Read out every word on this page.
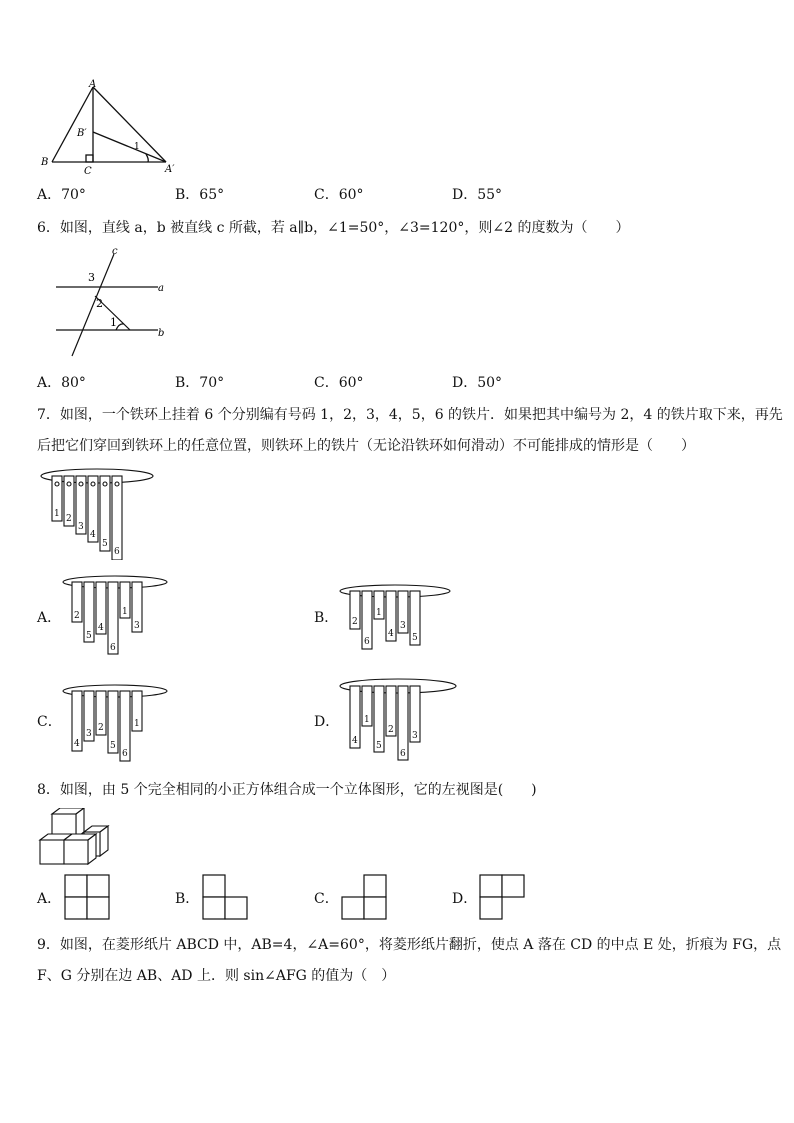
A
B′
B
C
1
A′
A．70°	B．65°	C．60°	D．55°
6．如图，直线 a，b 被直线 c 所截，若 a∥b，∠1=50°，∠3=120°，则∠2 的度数为（　　）
c
3
2
a
1
b
A．80°	B．70°	C．60°	D．50°
7．如图，一个铁环上挂着 6 个分别编有号码 1，2，3，4，5，6 的铁片．如果把其中编号为 2，4 的铁片取下来，再先
后把它们穿回到铁环上的任意位置，则铁环上的铁片（无论沿铁环如何滑动）不可能排成的情形是（　　）
1 2
3
4
5
6
A． 2
5
4
6
1
3	B． 2
6
1
4
3
5
C．
4
3
2
5
6
1	D．
4
1
5
2
6
3
8．如图，由 5 个完全相同的小正方体组合成一个立体图形，它的左视图是(　　)
A．	B．	C．	D．
9．如图，在菱形纸片 ABCD 中，AB=4，∠A=60°，将菱形纸片翻折，使点 A 落在 CD 的中点 E 处，折痕为 FG，点
F、G 分别在边 AB、AD 上．则 sin∠AFG 的值为（　）
